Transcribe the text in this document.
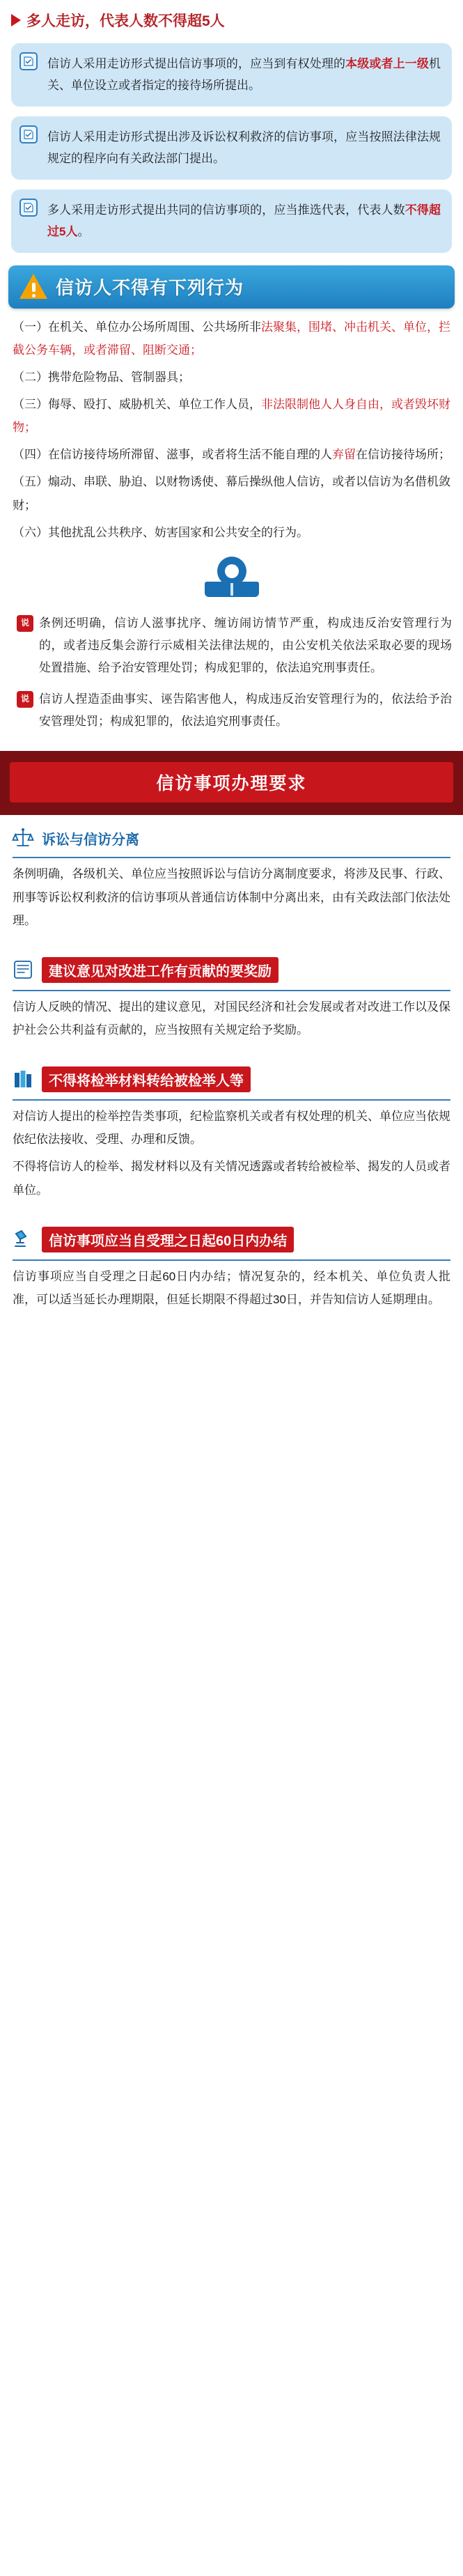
多人走访，代表人数不得超5人
信访人采用走访形式提出信访事项的，应当到有权处理的本级或者上一级机关、单位设立或者指定的接待场所提出。
信访人采用走访形式提出涉及诉讼权利救济的信访事项，应当按照法律法规规定的程序向有关政法部门提出。
多人采用走访形式提出共同的信访事项的，应当推选代表，代表人数不得超过5人。
信访人不得有下列行为
（一）在机关、单位办公场所周围、公共场所非法聚集，围堵、冲击机关、单位，拦截公务车辆，或者滞留、阻断交通；
（二）携带危险物品、管制器具；
（三）侮辱、殴打、威胁机关、单位工作人员，非法限制他人人身自由，或者毁坏财物；
（四）在信访接待场所滞留、滋事，或者将生活不能自理的人弃留在信访接待场所；
（五）煽动、串联、胁迫、以财物诱使、幕后操纵他人信访，或者以信访为名借机敛财；
（六）其他扰乱公共秩序、妨害国家和公共安全的行为。
说 条例还明确，信访人滋事扰序、缠访闹访情节严重，构成违反治安管理行为的，或者违反集会游行示威相关法律法规的，由公安机关依法采取必要的现场处置措施、给予治安管理处罚；构成犯罪的，依法追究刑事责任。
说 信访人捏造歪曲事实、诬告陷害他人，构成违反治安管理行为的，依法给予治安管理处罚；构成犯罪的，依法追究刑事责任。
信访事项办理要求
诉讼与信访分离
条例明确，各级机关、单位应当按照诉讼与信访分离制度要求，将涉及民事、行政、刑事等诉讼权利救济的信访事项从普通信访体制中分离出来，由有关政法部门依法处理。
建议意见对改进工作有贡献的要奖励
信访人反映的情况、提出的建议意见，对国民经济和社会发展或者对改进工作以及保护社会公共利益有贡献的，应当按照有关规定给予奖励。
不得将检举材料转给被检举人等
对信访人提出的检举控告类事项，纪检监察机关或者有权处理的机关、单位应当依规依纪依法接收、受理、办理和反馈。
不得将信访人的检举、揭发材料以及有关情况透露或者转给被检举、揭发的人员或者单位。
信访事项应当自受理之日起60日内办结
信访事项应当自受理之日起60日内办结；情况复杂的，经本机关、单位负责人批准，可以适当延长办理期限，但延长期限不得超过30日，并告知信访人延期理由。
